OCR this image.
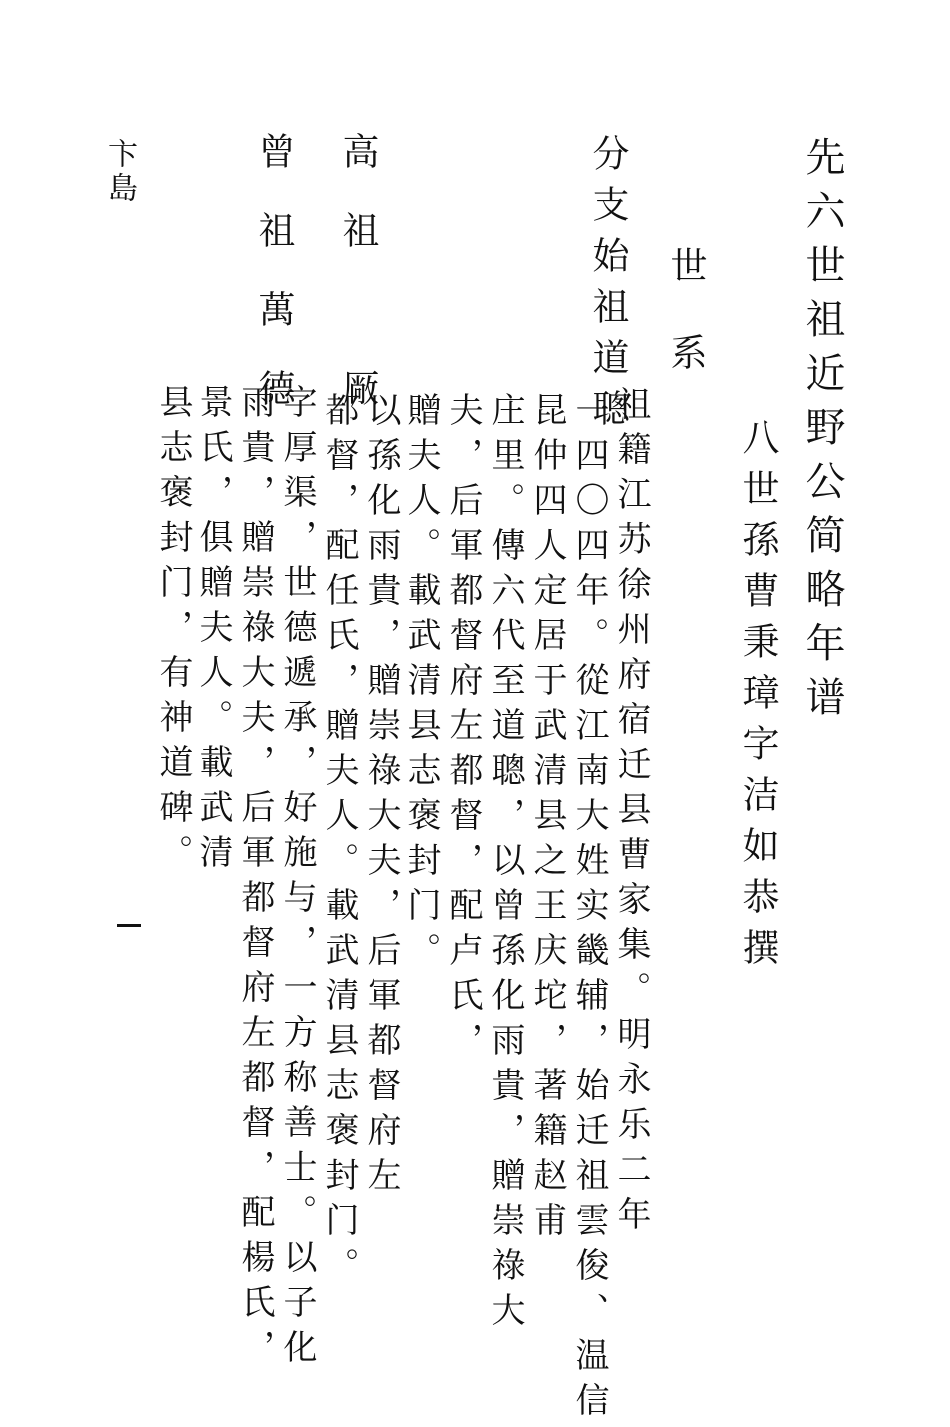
先六世祖近野公简略年谱
八世孫曹秉璋字洁如恭撰
世系
分支始祖道聰
祖籍江苏徐州府宿迁县曹家集。明永乐二年
一四〇四年。從江南大姓实畿辅，始迁祖雲俊、温信
昆仲四人定居于武清县之王庆坨，著籍赵甫
庄里。傳六代至道聰，以曾孫化雨貴，贈崇祿大
夫，后軍都督府左都督，配卢氏，
贈夫人。載武清县志褒封门。
高祖　厰
以孫化雨貴，贈崇祿大夫，后軍都督府左
都督，配任氏，贈夫人。載武清县志褒封门。
曾祖萬德
字厚渠，世德遞承，好施与，一方称善士。以子化
雨貴，贈崇祿大夫，后軍都督府左都督，配楊氏，
景氏，俱贈夫人。載武清
县志褒封门，有神道碑。
卞島
